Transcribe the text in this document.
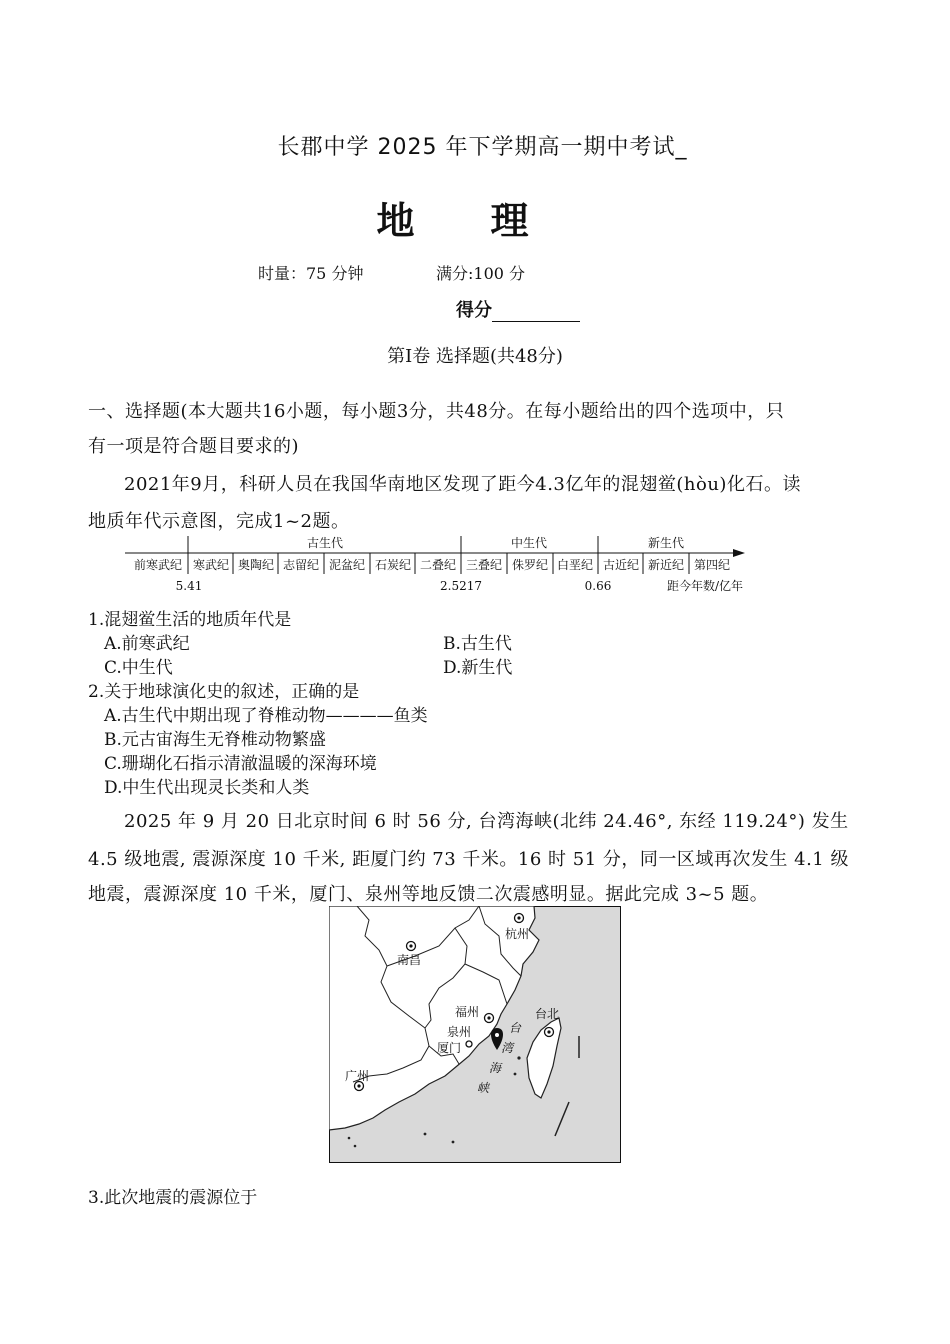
长郡中学 2025 年下学期高一期中考试_
地　　理
时量：75 分钟	满分:100 分
得分
第Ⅰ卷 选择题(共48分)
一、选择题(本大题共16小题，每小题3分，共48分。在每小题给出的四个选项中，只
有一项是符合题目要求的)
2021年9月，科研人员在我国华南地区发现了距今4.3亿年的混翅鲎(hòu)化石。读
地质年代示意图，完成1~2题。
古生代	中生代	新生代
前寒武纪 寒武纪 奥陶纪 志留纪 泥盆纪 石炭纪 二叠纪 三叠纪 侏罗纪 白垩纪 古近纪 新近纪 第四纪
5.41	2.5217	0.66	距今年数/亿年
1.混翅鲎生活的地质年代是
A.前寒武纪	B.古生代
C.中生代	D.新生代
2.关于地球演化史的叙述，正确的是
A.古生代中期出现了脊椎动物————鱼类
B.元古宙海生无脊椎动物繁盛
C.珊瑚化石指示清澈温暖的深海环境
D.中生代出现灵长类和人类
2025 年 9 月 20 日北京时间 6 时 56 分, 台湾海峡(北纬 24.46°, 东经 119.24°) 发生
4.5 级地震, 震源深度 10 千米, 距厦门约 73 千米。16 时 51 分，同一区域再次发生 4.1 级
地震，震源深度 10 千米，厦门、泉州等地反馈二次震感明显。据此完成 3~5 题。
杭州
南昌
福州
泉州
厦门
台北
广州
台
湾
海
峡
3.此次地震的震源位于
